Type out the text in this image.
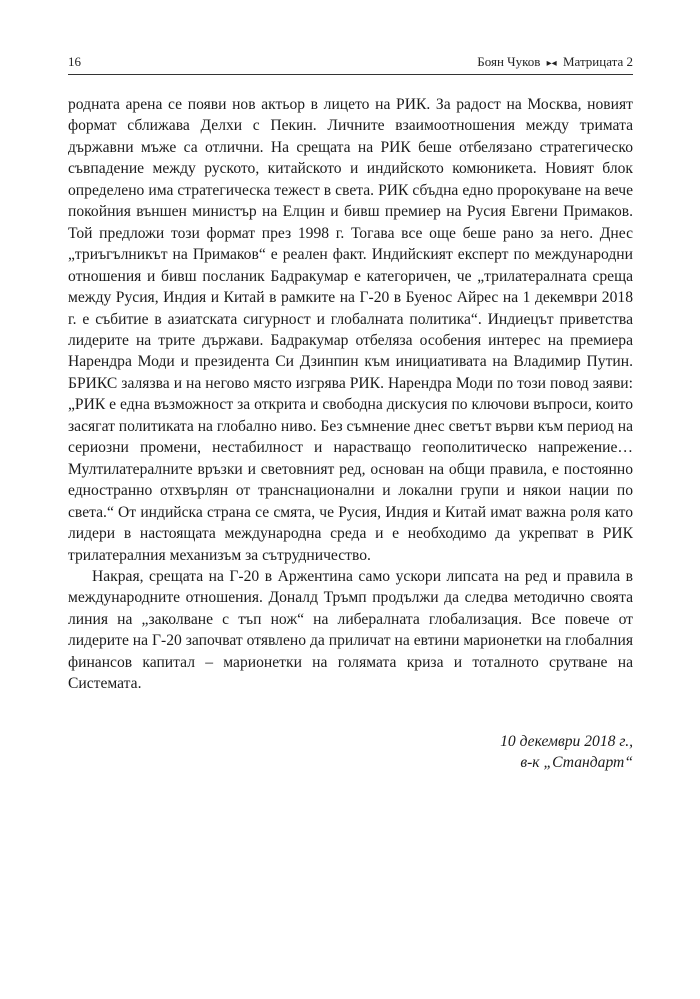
16	Боян Чуков ▸◂ Матрицата 2

родната арена се появи нов актьор в лицето на РИК. За радост на Москва, новият формат сближава Делхи с Пекин. Личните взаимоотношения между тримата държавни мъже са отлични. На срещата на РИК беше отбелязано стратегическо съвпадение между руското, китайското и индийското комюникета. Новият блок определено има стратегическа тежест в света. РИК сбъдна едно пророкуване на вече покойния външен министър на Елцин и бивш премиер на Русия Евгени Примаков. Той предложи този формат през 1998 г. Тогава все още беше рано за него. Днес „триъгълникът на Примаков“ е реален факт. Индийският експерт по международни отношения и бивш посланик Бадракумар е категоричен, че „трилатералната среща между Русия, Индия и Китай в рамките на Г-20 в Буенос Айрес на 1 декември 2018 г. е събитие в азиатската сигурност и глобалната политика“. Индиецът приветства лидерите на трите държави. Бадракумар отбеляза особения интерес на премиера Нарендра Моди и президента Си Дзинпин към инициативата на Владимир Путин. БРИКС залязва и на негово място изгрява РИК. Нарендра Моди по този повод заяви: „РИК е една възможност за открита и свободна дискусия по ключови въпроси, които засягат политиката на глобално ниво. Без съмнение днес светът върви към период на сериозни промени, нестабилност и нарастващо геополитическо напрежение… Мултилатералните връзки и световният ред, основан на общи правила, е постоянно едностранно отхвърлян от транснационални и локални групи и някои нации по света.“ От индийска страна се смята, че Русия, Индия и Китай имат важна роля като лидери в настоящата международна среда и е необходимо да укрепват в РИК трилатералния механизъм за сътрудничество.

Накрая, срещата на Г-20 в Аржентина само ускори липсата на ред и правила в международните отношения. Доналд Тръмп продължи да следва методично своята линия на „заколване с тъп нож“ на либералната глобализация. Все повече от лидерите на Г-20 започват отявлено да приличат на евтини марионетки на глобалния финансов капитал – марионетки на голямата криза и тоталното срутване на Системата.

10 декември 2018 г.,
в-к „Стандарт“
